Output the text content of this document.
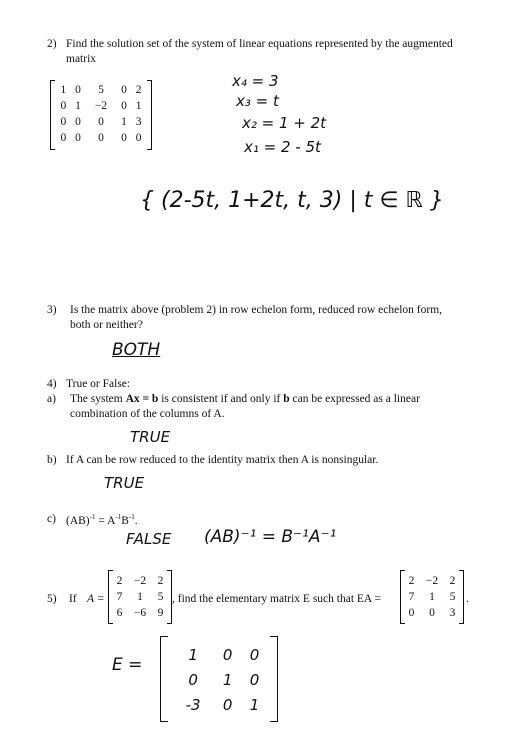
2) Find the solution set of the system of linear equations represented by the augmented
matrix
1	0	5	0	2
0	1	−2	0	1
0	0	0	1	3
0	0	0	0	0
x₄ = 3
x₃ = t
x₂ = 1 + 2t
x₁ = 2 - 5t
{ (2-5t, 1+2t, t, 3) | t ∈ ℝ }
3) Is the matrix above (problem 2) in row echelon form, reduced row echelon form,
both or neither?
BOTH
4) True or False:
a) The system Ax = b is consistent if and only if b can be expressed as a linear
combination of the columns of A.
TRUE
b) If A can be row reduced to the identity matrix then A is nonsingular.
TRUE
c) $(AB)^{-1} = A^{-1}B^{-1}$.
FALSE (AB)⁻¹ = B⁻¹A⁻¹
5) If A =
2	−2	2
7	1	5
6	−6	9
, find the elementary matrix E such that EA =
2	−2	2
7	1	5
0	0	3
.
E =
1	0	0
0	1	0
-3	0	1
